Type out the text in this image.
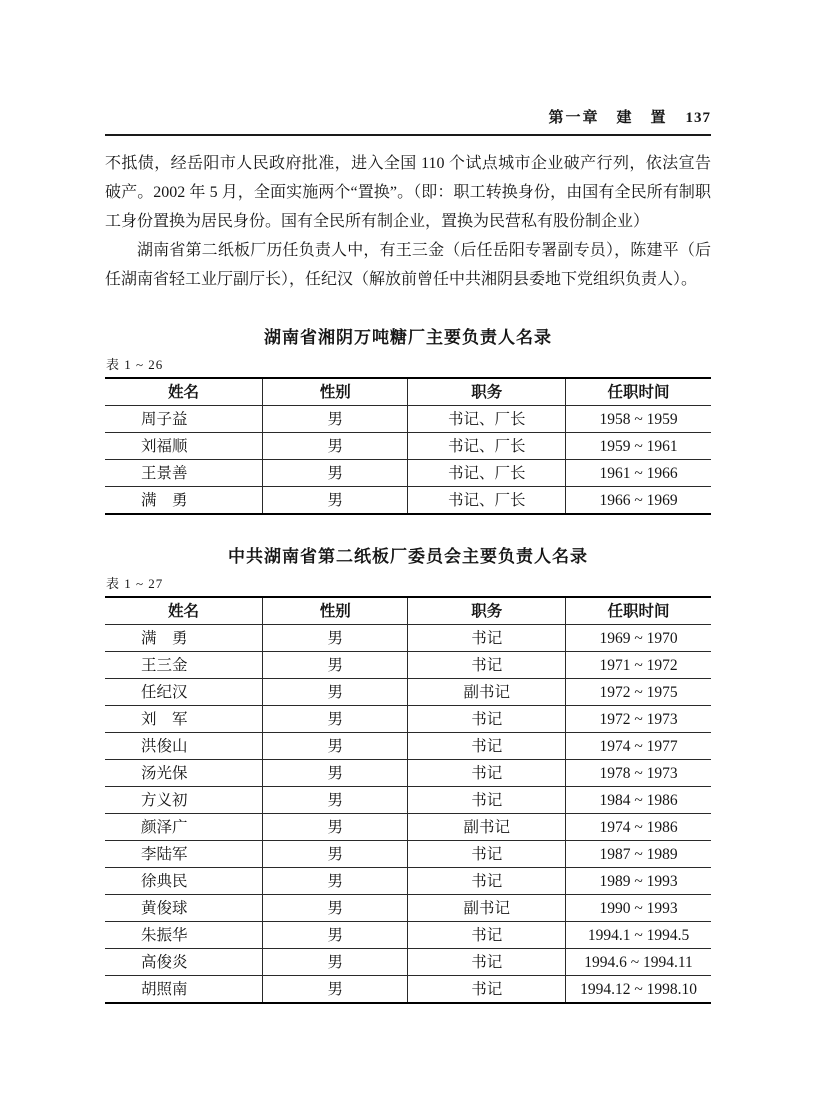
第一章　建　置 137

不抵债，经岳阳市人民政府批准，进入全国 110 个试点城市企业破产行列，依法宣告破产。2002 年 5 月，全面实施两个“置换”。（即：职工转换身份，由国有全民所有制职工身份置换为居民身份。国有全民所有制企业，置换为民营私有股份制企业）

湖南省第二纸板厂历任负责人中，有王三金（后任岳阳专署副专员），陈建平（后任湖南省轻工业厅副厅长），任纪汉（解放前曾任中共湘阴县委地下党组织负责人）。

湖南省湘阴万吨糖厂主要负责人名录
表 1 ~ 26
姓名	性别	职务	任职时间
周子益	男	书记、厂长	1958 ~ 1959
刘福顺	男	书记、厂长	1959 ~ 1961
王景善	男	书记、厂长	1961 ~ 1966
满　勇	男	书记、厂长	1966 ~ 1969
中共湖南省第二纸板厂委员会主要负责人名录
表 1 ~ 27
姓名	性别	职务	任职时间
满　勇	男	书记	1969 ~ 1970
王三金	男	书记	1971 ~ 1972
任纪汉	男	副书记	1972 ~ 1975
刘　军	男	书记	1972 ~ 1973
洪俊山	男	书记	1974 ~ 1977
汤光保	男	书记	1978 ~ 1973
方义初	男	书记	1984 ~ 1986
颜泽广	男	副书记	1974 ~ 1986
李陆军	男	书记	1987 ~ 1989
徐典民	男	书记	1989 ~ 1993
黄俊球	男	副书记	1990 ~ 1993
朱振华	男	书记	1994.1 ~ 1994.5
高俊炎	男	书记	1994.6 ~ 1994.11
胡照南	男	书记	1994.12 ~ 1998.10
